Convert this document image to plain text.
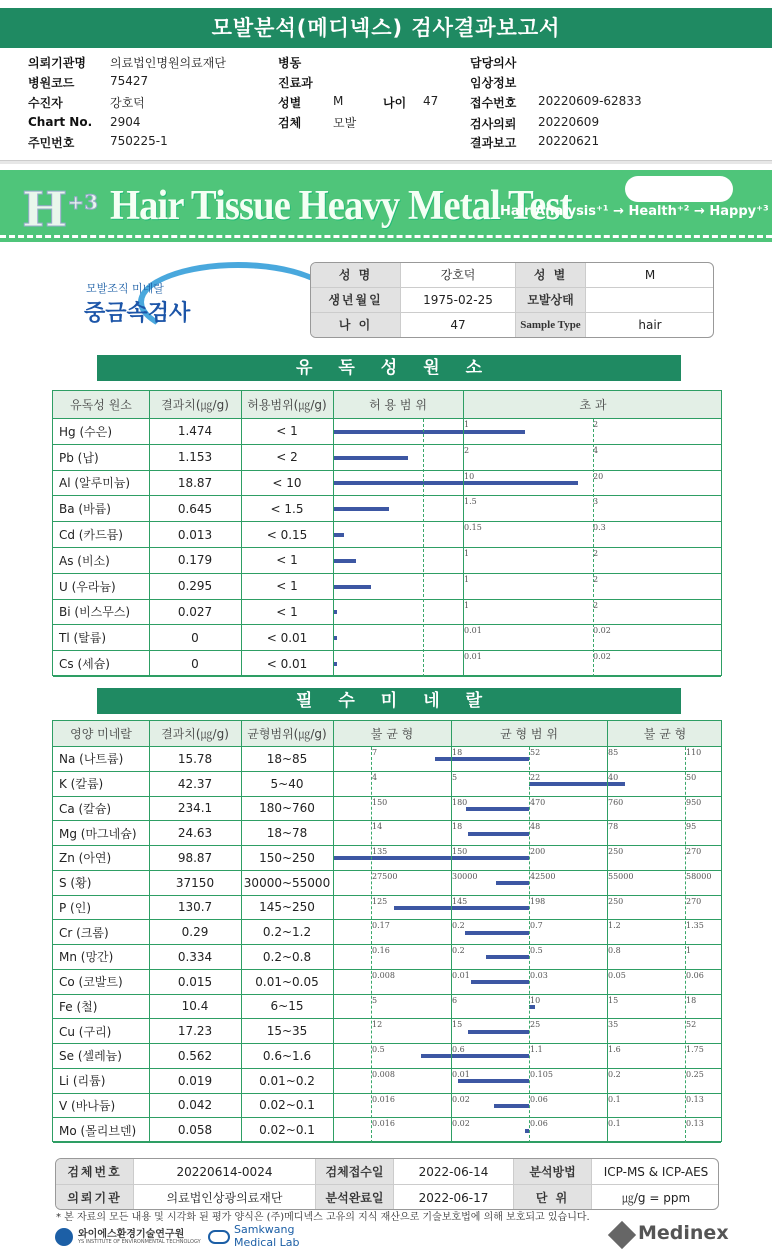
모발분석(메디넥스) 검사결과보고서
의뢰기관명 의료법인명원의료재단
병원코드	75427
수진자	강호덕
Chart No. 2904
주민번호	750225-1
병동
진료과
성별	M	나이 47
검체	모발
담당의사
임상정보
접수번호 20220609-62833
검사의뢰 20220609
결과보고 20220621
$H^{+3}$ Hair Tissue Heavy Metal Test
Hair Analysis⁺¹ → Health⁺² → Happy⁺³
모발조직 미네랄
중금속검사
성 명	강호덕	성 별	M
생년월일	1975-02-25	모발상태
나 이	47	Sample Type	hair
유독성원소
유독성 원소	결과치(㎍/g)	허용범위(㎍/g)	허 용 범 위	초 과
Hg (수은)	1.474	< 1	1	2
Pb (납)	1.153	< 2	2	4
Al (알루미늄)	18.87	< 10	10	20
Ba (바륨)	0.645	< 1.5	1.5	3
Cd (카드뮴)	0.013	< 0.15	0.15	0.3
As (비소)	0.179	< 1	1	2
U (우라늄)	0.295	< 1	1	2
Bi (비스무스)	0.027	< 1	1	2
Tl (탈륨)	0	< 0.01	0.01	0.02
Cs (세슘)	0	< 0.01	0.01	0.02
필수미네랄
영양 미네랄	결과치(㎍/g)	균형범위(㎍/g)	불 균 형	균 형 범 위	불 균 형
Na (나트륨)	15.78	18~85	7	18	52	85	110
K (칼륨)	42.37	5~40	4	5	22	40	50
Ca (칼슘)	234.1	180~760	150	180	470	760	950
Mg (마그네슘)	24.63	18~78	14	18	48	78	95
Zn (아연)	98.87	150~250	135	150	200	250	270
S (황)	37150	30000~55000	27500	30000	42500	55000	58000
P (인)	130.7	145~250	125	145	198	250	270
Cr (크롬)	0.29	0.2~1.2	0.17	0.2	0.7	1.2	1.35
Mn (망간)	0.334	0.2~0.8	0.16	0.2	0.5	0.8	1
Co (코발트)	0.015	0.01~0.05	0.008	0.01	0.03	0.05	0.06
Fe (철)	10.4	6~15	5	6	10	15	18
Cu (구리)	17.23	15~35	12	15	25	35	52
Se (셀레늄)	0.562	0.6~1.6	0.5	0.6	1.1	1.6	1.75
Li (리튬)	0.019	0.01~0.2	0.008	0.01	0.105	0.2	0.25
V (바나듐)	0.042	0.02~0.1	0.016	0.02	0.06	0.1	0.13
Mo (몰리브덴)	0.058	0.02~0.1	0.016	0.02	0.06	0.1	0.13
검체번호	20220614-0024	검체접수일	2022-06-14	분석방법	ICP-MS & ICP-AES
의뢰기관	의료법인상광의료재단	분석완료일	2022-06-17	단 위	㎍/g = ppm
* 본 자료의 모든 내용 및 시각화 된 평가 양식은 (주)메디넥스 고유의 지식 재산으로 기술보호법에 의해 보호되고 있습니다.
와이에스환경기술연구원
YS INSTITUTE OF ENVIRONMENTAL TECHNOLOGY
Samkwang
Medical Lab	Medinex
